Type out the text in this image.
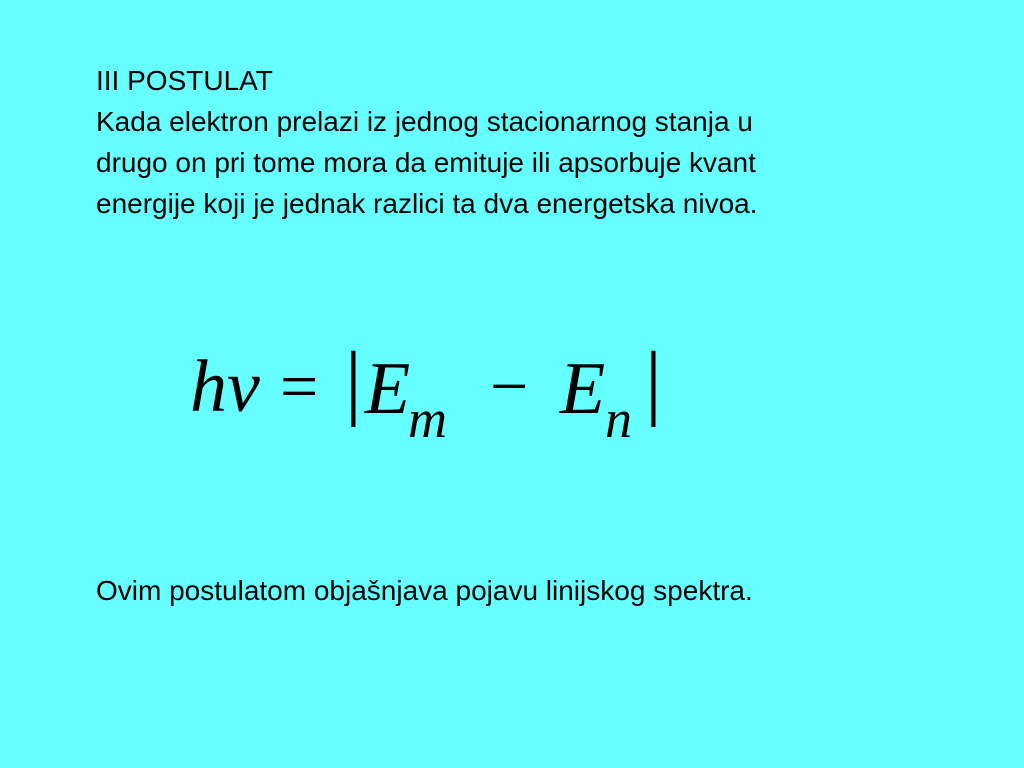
III POSTULAT
Kada elektron prelazi iz jednog stacionarnog stanja u
drugo on pri tome mora da emituje ili apsorbuje kvant
energije koji je jednak razlici ta dva energetska nivoa.
hν = | E
m − E n |
Ovim postulatom objašnjava pojavu linijskog spektra.
